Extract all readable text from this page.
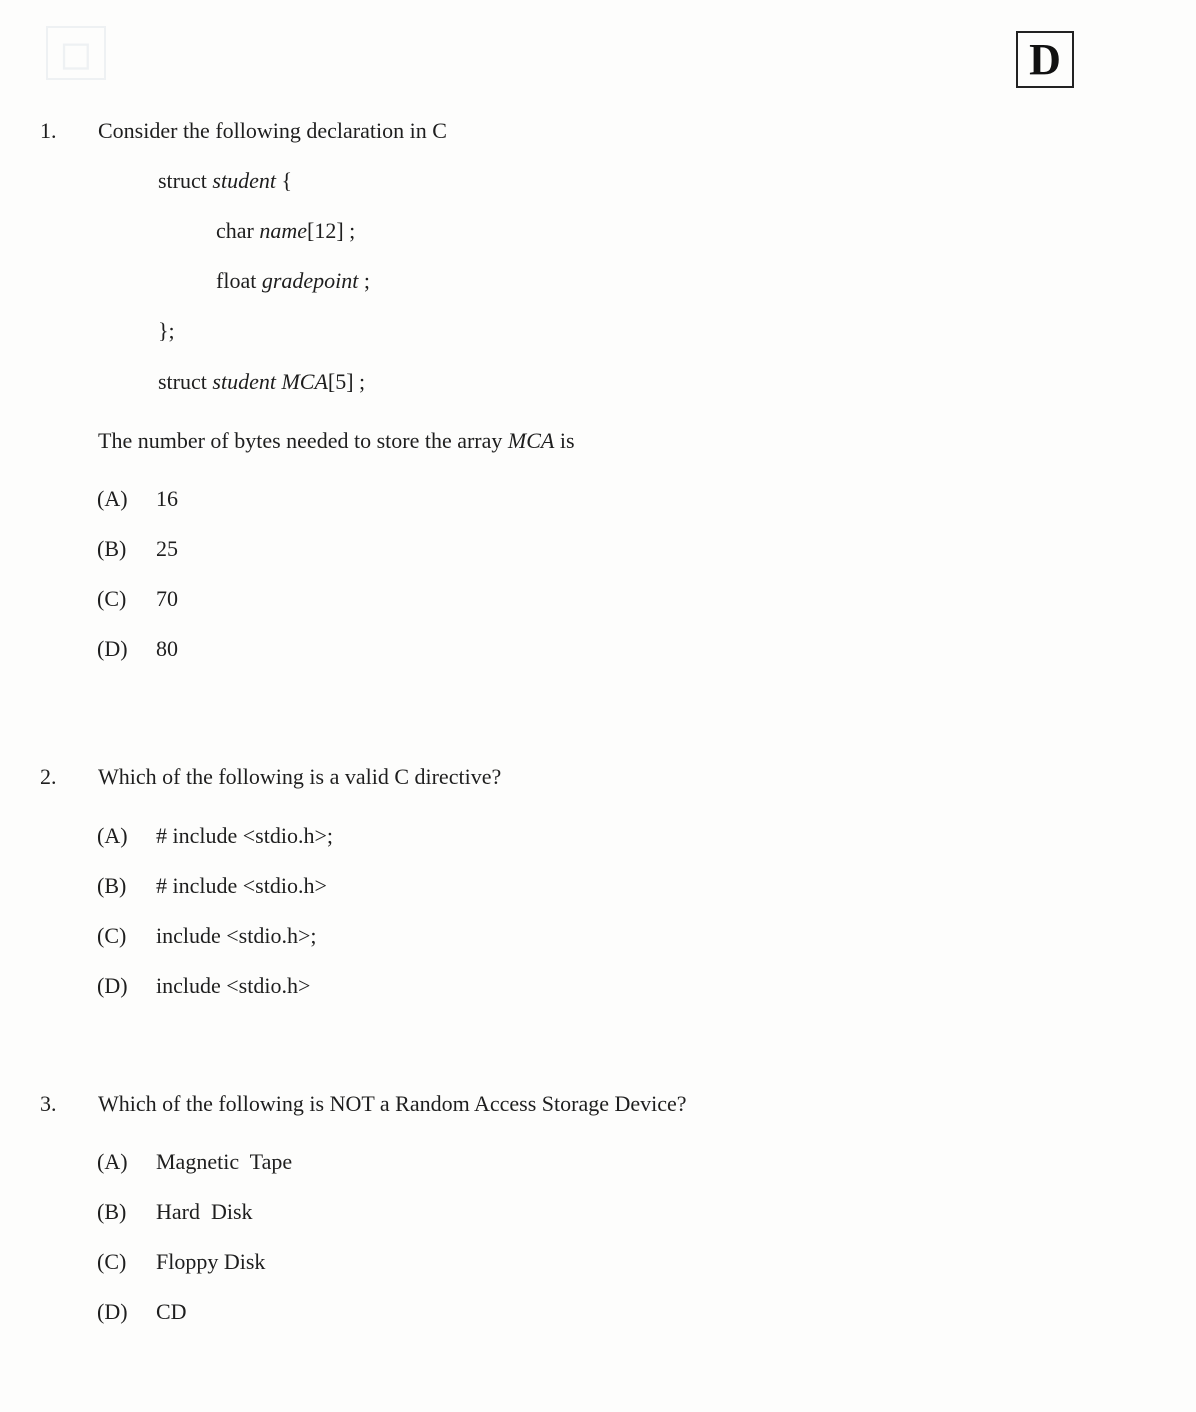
◻	D
1. Consider the following declaration in C
struct student {
char name[12] ;
float gradepoint ;
};
struct student MCA[5] ;
The number of bytes needed to store the array MCA is
(A) 16
(B) 25
(C) 70
(D) 80
2. Which of the following is a valid C directive?
(A) # include <stdio.h>;
(B) # include <stdio.h>
(C) include <stdio.h>;
(D) include <stdio.h>
3. Which of the following is NOT a Random Access Storage Device?
(A) Magnetic  Tape
(B) Hard  Disk
(C) Floppy Disk
(D) CD
